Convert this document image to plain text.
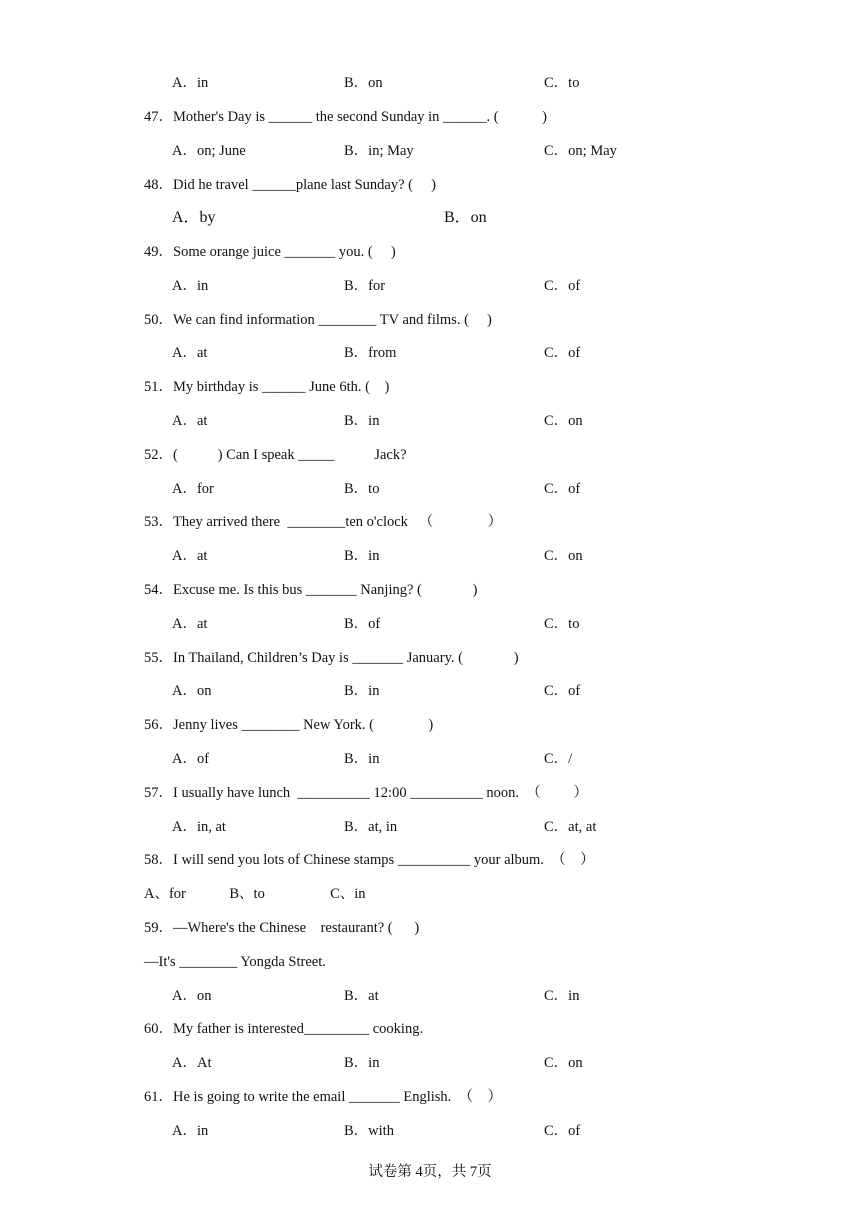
A．in	B．on	C．to
47．Mother's Day is ______ the second Sunday in ______. (            )
A．on; June	B．in; May	C．on; May
48．Did he travel ______plane last Sunday? (     )
A．by	B．on
49．Some orange juice _______ you. (     )
A．in	B．for	C．of
50．We can find information ________ TV and films. (     )
A．at	B．from	C．of
51．My birthday is ______ June 6th. (    )
A．at	B．in	C．on
52．(           ) Can I speak _____           Jack?
A．for	B．to	C．of
53．They arrived there  ________ten o'clock   （               ）
A．at	B．in	C．on
54．Excuse me. Is this bus _______ Nanjing? (              )
A．at	B．of	C．to
55．In Thailand, Children’s Day is _______ January. (              )
A．on	B．in	C．of
56．Jenny lives ________ New York. (               )
A．of	B．in	C．/
57．I usually have lunch  __________ 12:00 __________ noon.  （         ）
A．in, at	B．at, in	C．at, at
58．I will send you lots of Chinese stamps __________ your album.  （    ）
A、for            B、to                  C、in
59．—Where's the Chinese    restaurant? (      )
—It's ________ Yongda Street.
A．on	B．at	C．in
60．My father is interested_________ cooking.
A．At	B．in	C．on
61．He is going to write the email _______ English.  （    ）
A．in	B．with	C．of
试卷第 4页，共 7页
